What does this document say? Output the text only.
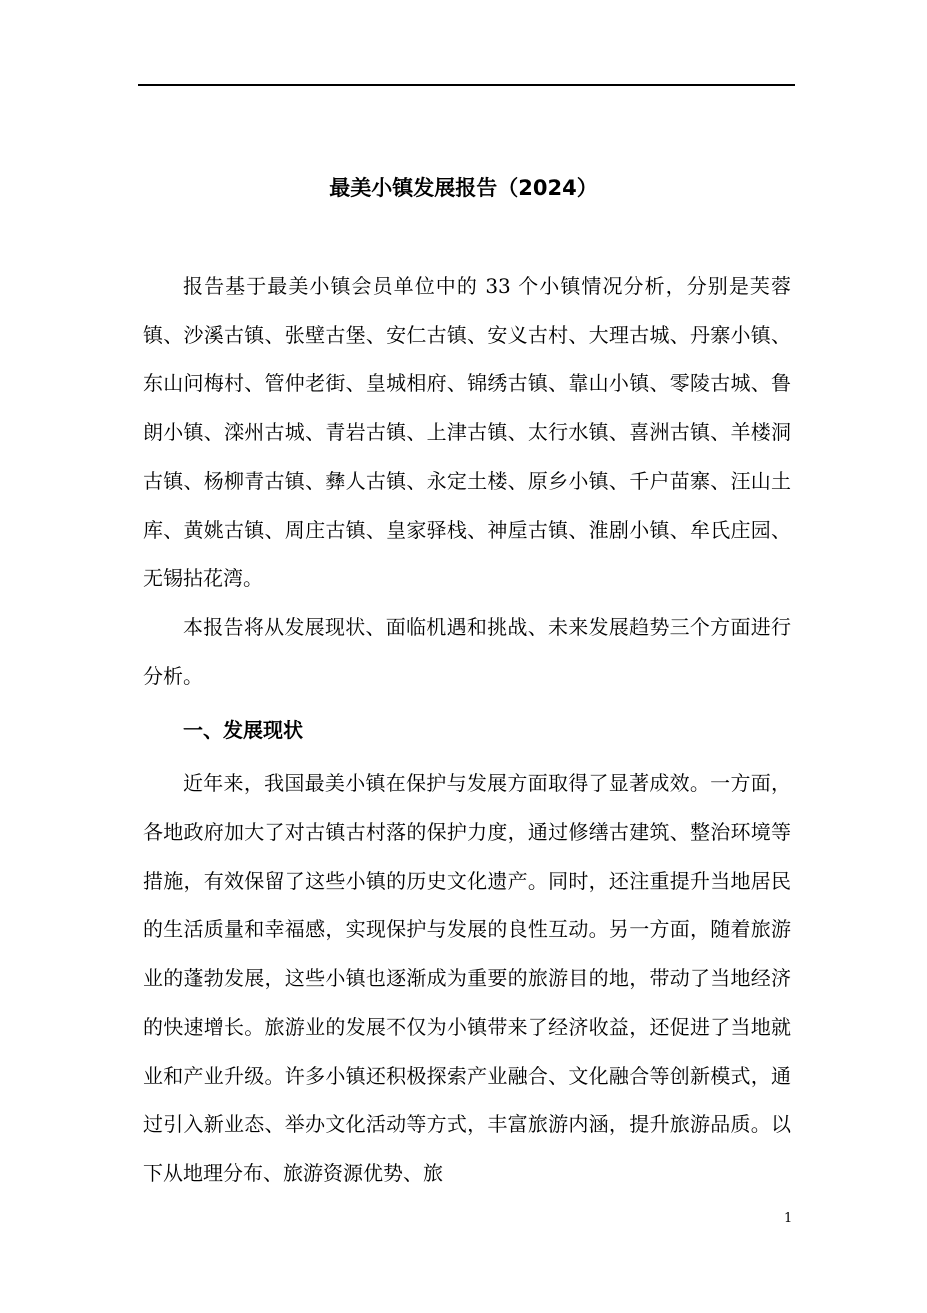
最美小镇发展报告（2024）

报告基于最美小镇会员单位中的 33 个小镇情况分析，分别是芙蓉镇、沙溪古镇、张壁古堡、安仁古镇、安义古村、大理古城、丹寨小镇、东山问梅村、管仲老街、皇城相府、锦绣古镇、靠山小镇、零陵古城、鲁朗小镇、滦州古城、青岩古镇、上津古镇、太行水镇、喜洲古镇、羊楼洞古镇、杨柳青古镇、彝人古镇、永定土楼、原乡小镇、千户苗寨、汪山土库、黄姚古镇、周庄古镇、皇家驿栈、神垕古镇、淮剧小镇、牟氏庄园、无锡拈花湾。

本报告将从发展现状、面临机遇和挑战、未来发展趋势三个方面进行分析。

一、发展现状

近年来，我国最美小镇在保护与发展方面取得了显著成效。一方面，各地政府加大了对古镇古村落的保护力度，通过修缮古建筑、整治环境等措施，有效保留了这些小镇的历史文化遗产。同时，还注重提升当地居民的生活质量和幸福感，实现保护与发展的良性互动。另一方面，随着旅游业的蓬勃发展，这些小镇也逐渐成为重要的旅游目的地，带动了当地经济的快速增长。旅游业的发展不仅为小镇带来了经济收益，还促进了当地就业和产业升级。许多小镇还积极探索产业融合、文化融合等创新模式，通过引入新业态、举办文化活动等方式，丰富旅游内涵，提升旅游品质。以下从地理分布、旅游资源优势、旅

1
